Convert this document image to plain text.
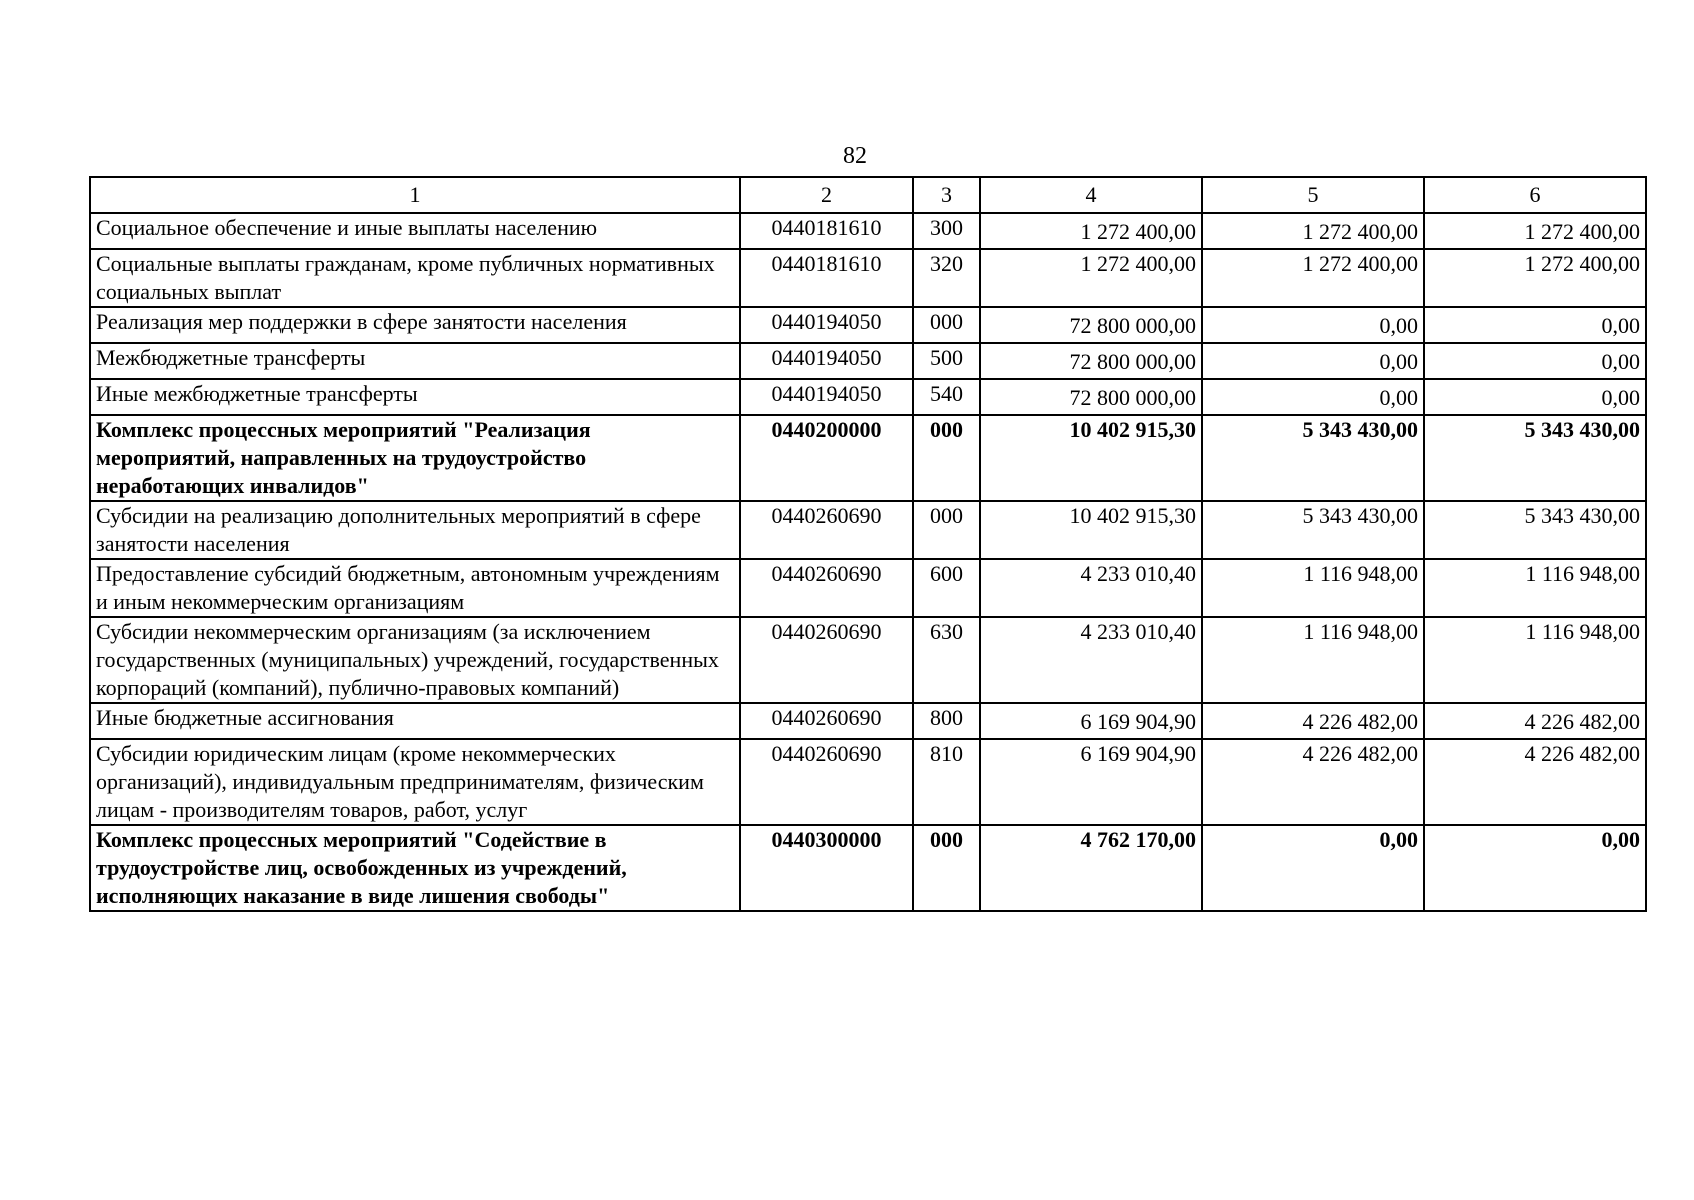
82
1	2	3	4	5	6
Социальное обеспечение и иные выплаты населению	0440181610	300	1 272 400,00	1 272 400,00	1 272 400,00
Социальные выплаты гражданам, кроме публичных нормативных социальных выплат	0440181610	320	1 272 400,00	1 272 400,00	1 272 400,00
Реализация мер поддержки в сфере занятости населения	0440194050	000	72 800 000,00	0,00	0,00
Межбюджетные трансферты	0440194050	500	72 800 000,00	0,00	0,00
Иные межбюджетные трансферты	0440194050	540	72 800 000,00	0,00	0,00
Комплекс процессных мероприятий "Реализация мероприятий, направленных на трудоустройство неработающих инвалидов"	0440200000	000	10 402 915,30	5 343 430,00	5 343 430,00
Субсидии на реализацию дополнительных мероприятий в сфере занятости населения	0440260690	000	10 402 915,30	5 343 430,00	5 343 430,00
Предоставление субсидий бюджетным, автономным учреждениям и иным некоммерческим организациям	0440260690	600	4 233 010,40	1 116 948,00	1 116 948,00
Субсидии некоммерческим организациям (за исключением государственных (муниципальных) учреждений, государственных корпораций (компаний), публично-правовых компаний)	0440260690	630	4 233 010,40	1 116 948,00	1 116 948,00
Иные бюджетные ассигнования	0440260690	800	6 169 904,90	4 226 482,00	4 226 482,00
Субсидии юридическим лицам (кроме некоммерческих организаций), индивидуальным предпринимателям, физическим лицам - производителям товаров, работ, услуг	0440260690	810	6 169 904,90	4 226 482,00	4 226 482,00
Комплекс процессных мероприятий "Содействие в трудоустройстве лиц, освобожденных из учреждений, исполняющих наказание в виде лишения свободы"	0440300000	000	4 762 170,00	0,00	0,00
